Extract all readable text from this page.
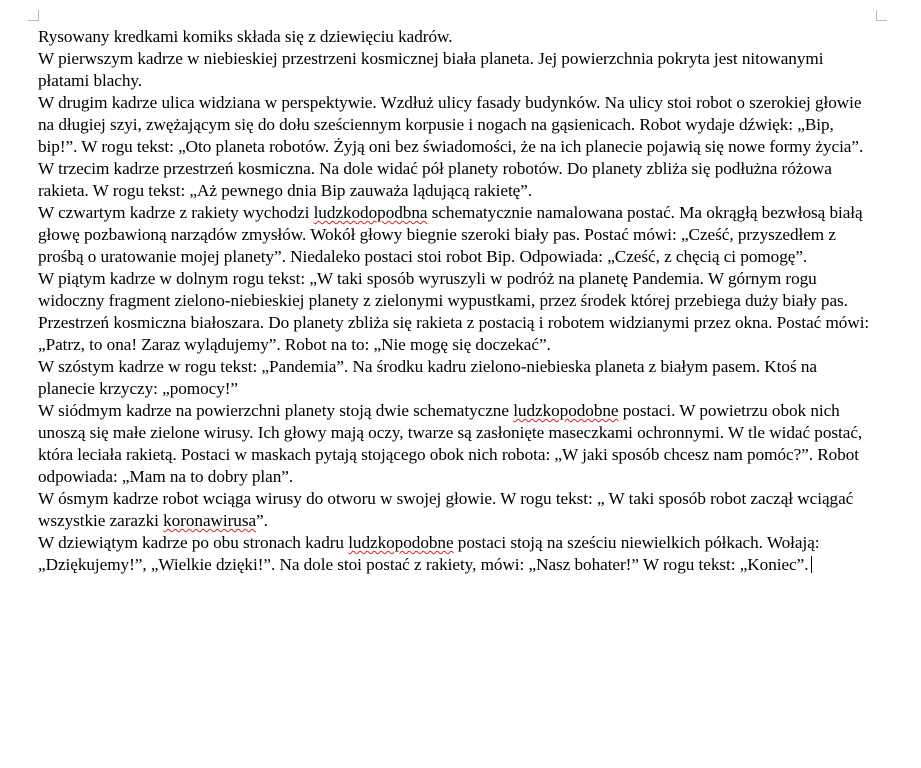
Rysowany kredkami komiks składa się z dziewięciu kadrów.

W pierwszym kadrze w niebieskiej przestrzeni kosmicznej biała planeta. Jej powierzchnia pokryta jest nitowanymi płatami blachy.

W drugim kadrze ulica widziana w perspektywie. Wzdłuż ulicy fasady budynków. Na ulicy stoi robot o szerokiej głowie na długiej szyi, zwężającym się do dołu sześciennym korpusie i nogach na gąsienicach. Robot wydaje dźwięk: „Bip, bip!”. W rogu tekst: „Oto planeta robotów. Żyją oni bez świadomości, że na ich planecie pojawią się nowe formy życia”.

W trzecim kadrze przestrzeń kosmiczna. Na dole widać pół planety robotów. Do planety zbliża się podłużna różowa rakieta. W rogu tekst: „Aż pewnego dnia Bip zauważa lądującą rakietę”.

W czwartym kadrze z rakiety wychodzi ludzkodopodbna schematycznie namalowana postać. Ma okrągłą bezwłosą białą głowę pozbawioną narządów zmysłów. Wokół głowy biegnie szeroki biały pas. Postać mówi: „Cześć, przyszedłem z prośbą o uratowanie mojej planety”. Niedaleko postaci stoi robot Bip. Odpowiada: „Cześć, z chęcią ci pomogę”.

W piątym kadrze w dolnym rogu tekst: „W taki sposób wyruszyli w podróż na planetę Pandemia. W górnym rogu widoczny fragment zielono-niebieskiej planety z zielonymi wypustkami, przez środek której przebiega duży biały pas. Przestrzeń kosmiczna białoszara. Do planety zbliża się rakieta z postacią i robotem widzianymi przez okna. Postać mówi: „Patrz, to ona! Zaraz wylądujemy”. Robot na to: „Nie mogę się doczekać”.

W szóstym kadrze w rogu tekst: „Pandemia”. Na środku kadru zielono-niebieska planeta z białym pasem. Ktoś na planecie krzyczy: „pomocy!”

W siódmym kadrze na powierzchni planety stoją dwie schematyczne ludzkopodobne postaci. W powietrzu obok nich unoszą się małe zielone wirusy. Ich głowy mają oczy, twarze są zasłonięte maseczkami ochronnymi. W tle widać postać, która leciała rakietą. Postaci w maskach pytają stojącego obok nich robota: „W jaki sposób chcesz nam pomóc?”. Robot odpowiada: „Mam na to dobry plan”.

W ósmym kadrze robot wciąga wirusy do otworu w swojej głowie. W rogu tekst: „ W taki sposób robot zaczął wciągać wszystkie zarazki koronawirusa”.

W dziewiątym kadrze po obu stronach kadru ludzkopodobne postaci stoją na sześciu niewielkich półkach. Wołają: „Dziękujemy!”, „Wielkie dzięki!”. Na dole stoi postać z rakiety, mówi: „Nasz bohater!” W rogu tekst: „Koniec”.
